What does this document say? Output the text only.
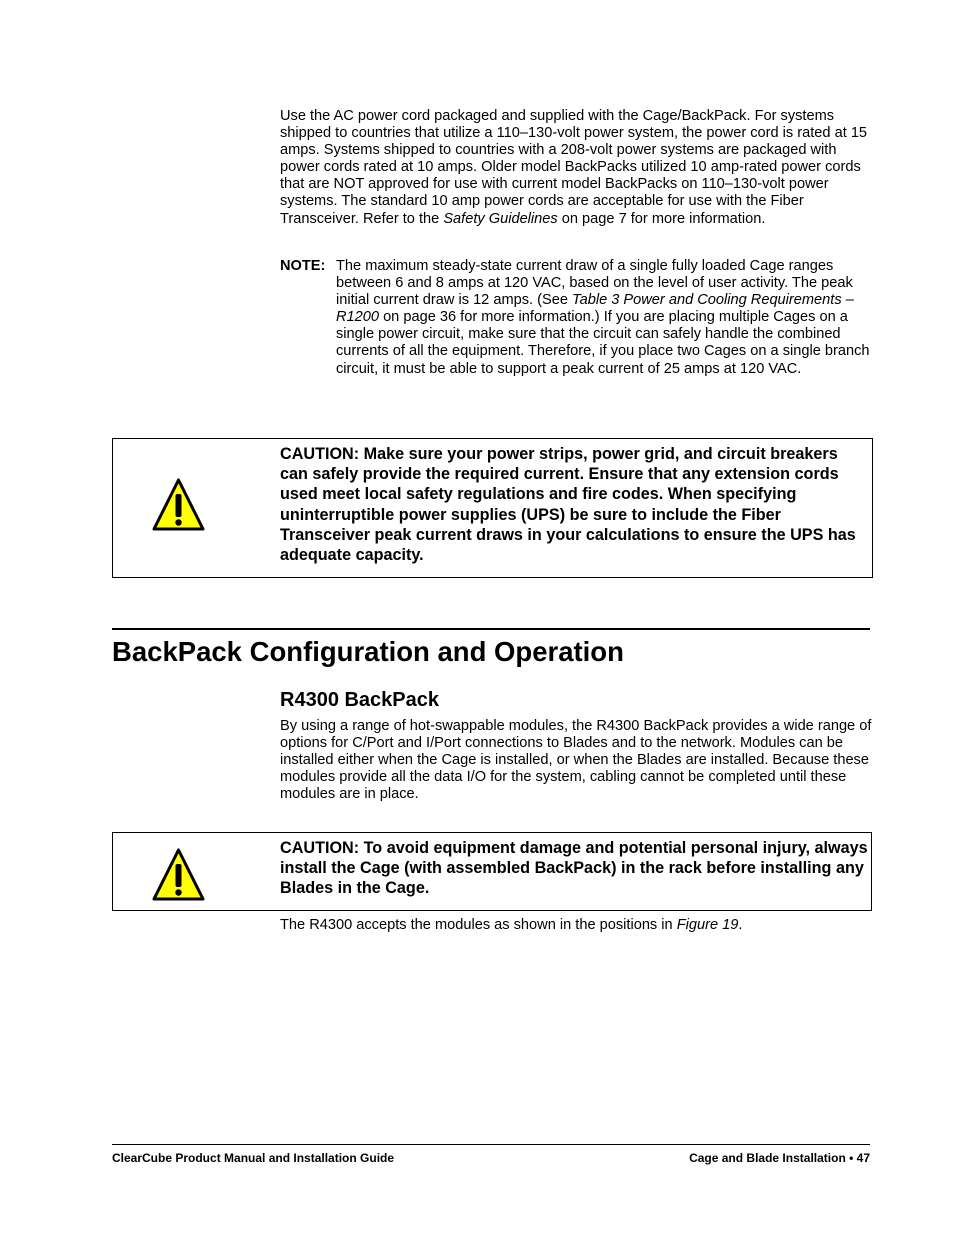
Use the AC power cord packaged and supplied with the Cage/BackPack. For systems shipped to countries that utilize a 110–130-volt power system, the power cord is rated at 15 amps. Systems shipped to countries with a 208-volt power systems are packaged with power cords rated at 10 amps. Older model BackPacks utilized 10 amp-rated power cords that are NOT approved for use with current model BackPacks on 110–130-volt power systems. The standard 10 amp power cords are acceptable for use with the Fiber Transceiver. Refer to the Safety Guidelines on page 7 for more information.

NOTE: The maximum steady-state current draw of a single fully loaded Cage ranges between 6 and 8 amps at 120 VAC, based on the level of user activity. The peak initial current draw is 12 amps. (See Table 3 Power and Cooling Requirements – R1200 on page 36 for more information.) If you are placing multiple Cages on a single power circuit, make sure that the circuit can safely handle the combined currents of all the equipment. Therefore, if you place two Cages on a single branch circuit, it must be able to support a peak current of 25 amps at 120 VAC.
CAUTION: Make sure your power strips, power grid, and circuit breakers can safely provide the required current. Ensure that any extension cords used meet local safety regulations and fire codes. When specifying uninterruptible power supplies (UPS) be sure to include the Fiber Transceiver peak current draws in your calculations to ensure the UPS has adequate capacity.
BackPack Configuration and Operation
R4300 BackPack

By using a range of hot-swappable modules, the R4300 BackPack provides a wide range of options for C/Port and I/Port connections to Blades and to the network. Modules can be installed either when the Cage is installed, or when the Blades are installed. Because these modules provide all the data I/O for the system, cabling cannot be completed until these modules are in place.

CAUTION: To avoid equipment damage and potential personal injury, always install the Cage (with assembled BackPack) in the rack before installing any Blades in the Cage.

The R4300 accepts the modules as shown in the positions in Figure 19.

ClearCube Product Manual and Installation Guide	Cage and Blade Installation • 47
